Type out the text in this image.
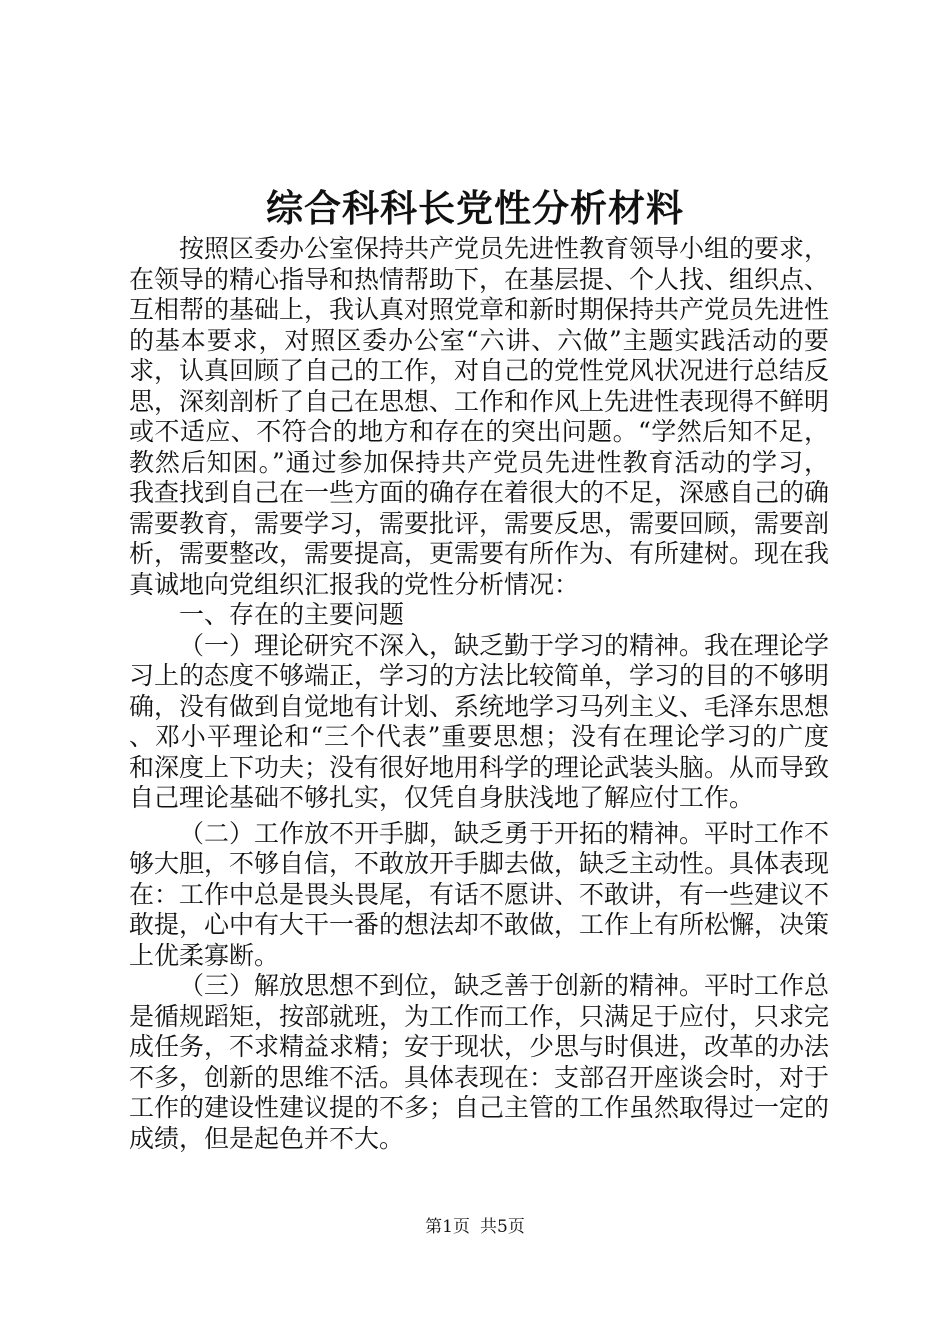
综合科科长党性分析材料

按照区委办公室保持共产党员先进性教育领导小组的要求，在领导的精心指导和热情帮助下，在基层提、个人找、组织点、互相帮的基础上，我认真对照党章和新时期保持共产党员先进性的基本要求，对照区委办公室“六讲、六做”主题实践活动的要求，认真回顾了自己的工作，对自己的党性党风状况进行总结反思，深刻剖析了自己在思想、工作和作风上先进性表现得不鲜明或不适应、不符合的地方和存在的突出问题。“学然后知不足，教然后知困。”通过参加保持共产党员先进性教育活动的学习，我查找到自己在一些方面的确存在着很大的不足，深感自己的确需要教育，需要学习，需要批评，需要反思，需要回顾，需要剖析，需要整改，需要提高，更需要有所作为、有所建树。现在我真诚地向党组织汇报我的党性分析情况：

一、存在的主要问题

（一）理论研究不深入，缺乏勤于学习的精神。我在理论学习上的态度不够端正，学习的方法比较简单，学习的目的不够明确，没有做到自觉地有计划、系统地学习马列主义、毛泽东思想、邓小平理论和“三个代表”重要思想；没有在理论学习的广度和深度上下功夫；没有很好地用科学的理论武装头脑。从而导致自己理论基础不够扎实，仅凭自身肤浅地了解应付工作。

（二）工作放不开手脚，缺乏勇于开拓的精神。平时工作不够大胆，不够自信，不敢放开手脚去做，缺乏主动性。具体表现在：工作中总是畏头畏尾，有话不愿讲、不敢讲，有一些建议不敢提，心中有大干一番的想法却不敢做，工作上有所松懈，决策上优柔寡断。

（三）解放思想不到位，缺乏善于创新的精神。平时工作总是循规蹈矩，按部就班，为工作而工作，只满足于应付，只求完成任务，不求精益求精；安于现状，少思与时俱进，改革的办法不多，创新的思维不活。具体表现在：支部召开座谈会时，对于工作的建设性建议提的不多；自己主管的工作虽然取得过一定的成绩，但是起色并不大。

第1页 共5页
